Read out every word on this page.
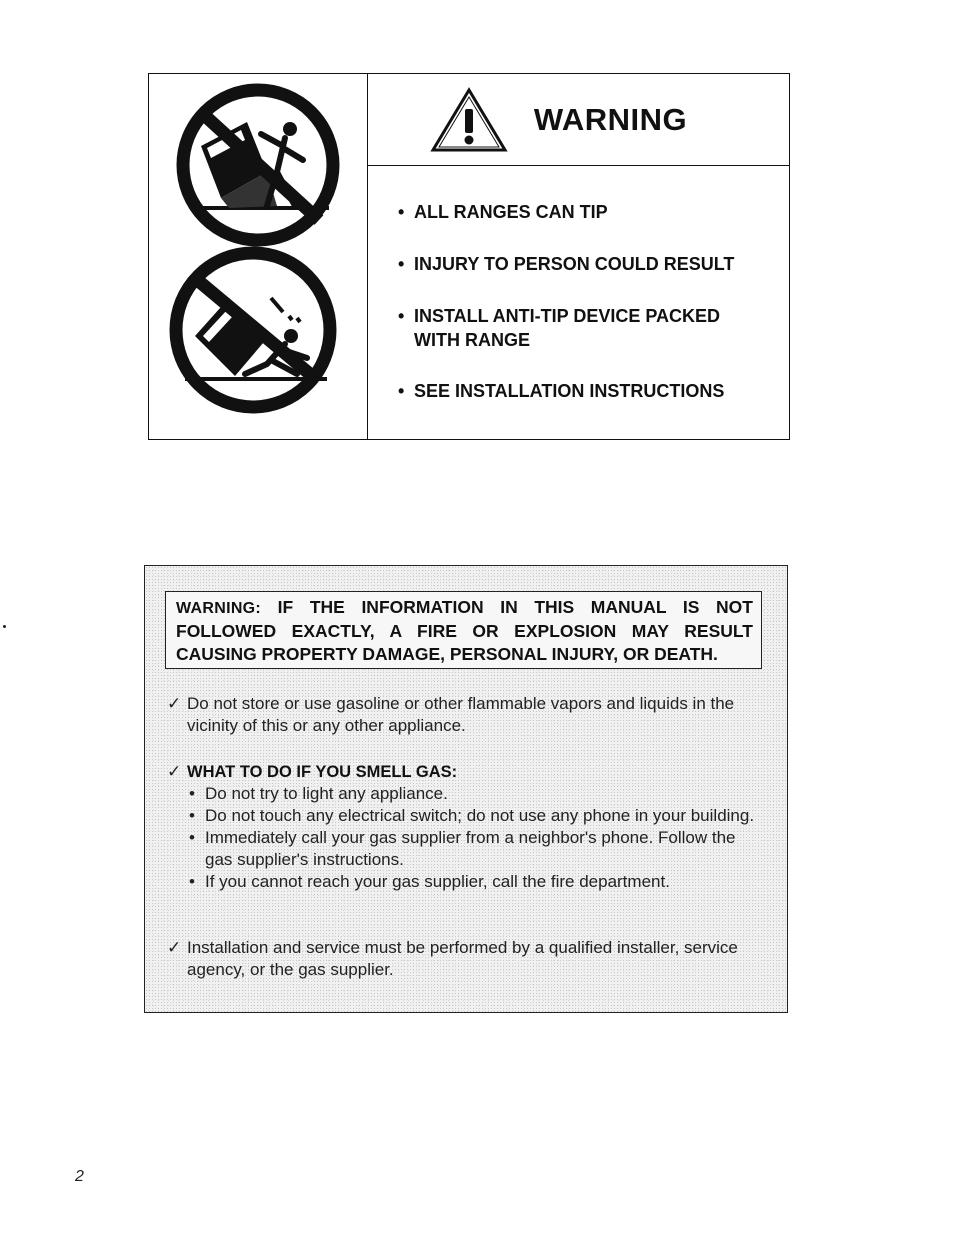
WARNING
• ALL RANGES CAN TIP
• INJURY TO PERSON COULD RESULT
• INSTALL ANTI-TIP DEVICE PACKED
WITH RANGE
• SEE INSTALLATION INSTRUCTIONS
WARNING: IF THE INFORMATION IN THIS MANUAL IS NOT FOLLOWED EXACTLY, A FIRE OR EXPLOSION MAY RESULT CAUSING PROPERTY DAMAGE, PERSONAL INJURY, OR DEATH.
✓ Do not store or use gasoline or other flammable vapors and liquids in the vicinity of this or any other appliance.
✓ WHAT TO DO IF YOU SMELL GAS:
• Do not try to light any appliance.
• Do not touch any electrical switch; do not use any phone in your building.
• Immediately call your gas supplier from a neighbor's phone. Follow the gas supplier's instructions.
• If you cannot reach your gas supplier, call the fire department.
✓ Installation and service must be performed by a qualified installer, service agency, or the gas supplier.
2
